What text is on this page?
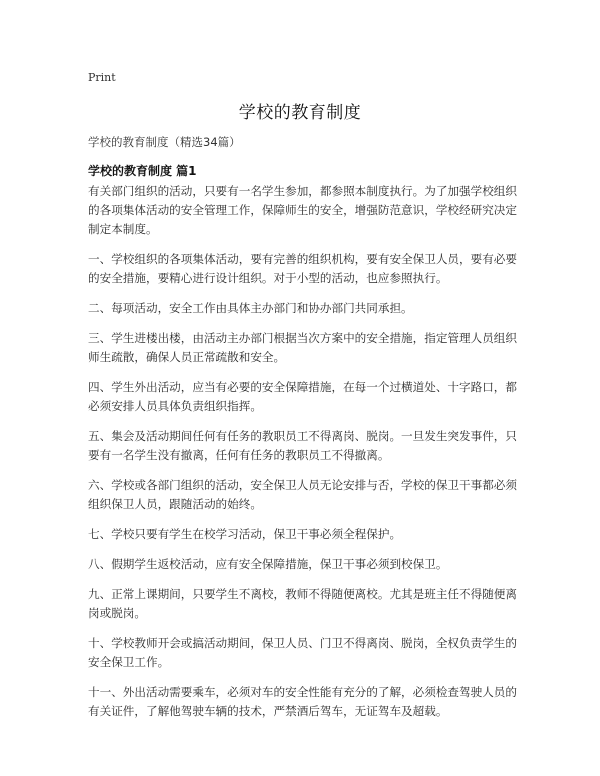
Print
学校的教育制度
学校的教育制度（精选34篇）
学校的教育制度 篇1

有关部门组织的活动，只要有一名学生参加，都参照本制度执行。为了加强学校组织的各项集体活动的安全管理工作，保障师生的安全，增强防范意识，学校经研究决定制定本制度。

一、学校组织的各项集体活动，要有完善的组织机构，要有安全保卫人员，要有必要的安全措施，要精心进行设计组织。对于小型的活动，也应参照执行。

二、每项活动，安全工作由具体主办部门和协办部门共同承担。

三、学生进楼出楼，由活动主办部门根据当次方案中的安全措施，指定管理人员组织师生疏散，确保人员正常疏散和安全。

四、学生外出活动，应当有必要的安全保障措施，在每一个过横道处、十字路口，都必须安排人员具体负责组织指挥。

五、集会及活动期间任何有任务的教职员工不得离岗、脱岗。一旦发生突发事件，只要有一名学生没有撤离，任何有任务的教职员工不得撤离。

六、学校或各部门组织的活动，安全保卫人员无论安排与否，学校的保卫干事都必须组织保卫人员，跟随活动的始终。

七、学校只要有学生在校学习活动，保卫干事必须全程保护。

八、假期学生返校活动，应有安全保障措施，保卫干事必须到校保卫。

九、正常上课期间，只要学生不离校，教师不得随便离校。尤其是班主任不得随便离岗或脱岗。

十、学校教师开会或搞活动期间，保卫人员、门卫不得离岗、脱岗，全权负责学生的安全保卫工作。

十一、外出活动需要乘车，必须对车的安全性能有充分的了解，必须检查驾驶人员的有关证件，了解他驾驶车辆的技术，严禁酒后驾车，无证驾车及超载。
